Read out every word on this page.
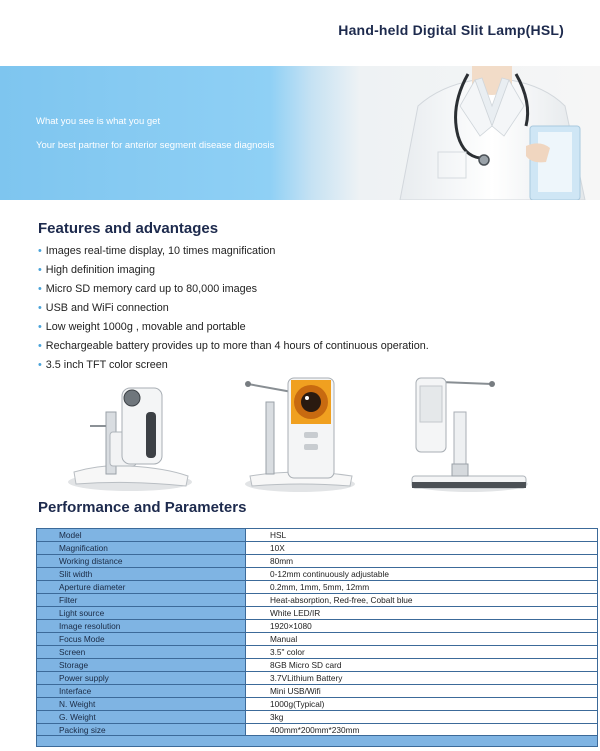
Hand-held Digital Slit Lamp(HSL)
What you see is what you get
Your best partner for anterior segment disease diagnosis
Features and advantages
• Images real-time display, 10 times magnification
• High definition imaging
• Micro SD memory card up to 80,000 images
• USB and WiFi connection
• Low weight 1000g , movable and portable
• Rechargeable battery provides up to more than 4 hours of continuous operation.
• 3.5 inch TFT color screen
Performance and Parameters
Model	HSL
Magnification	10X
Working distance	80mm
Slit width	0-12mm continuously adjustable
Aperture diameter	0.2mm, 1mm, 5mm, 12mm
Filter	Heat-absorption, Red-free, Cobalt blue
Light source	White LED/IR
Image resolution	1920×1080
Focus Mode	Manual
Screen	3.5" color
Storage	8GB Micro SD card
Power supply	3.7VLithium Battery
Interface	Mini USB/Wifi
N. Weight	1000g(Typical)
G. Weight	3kg
Packing size	400mm*200mm*230mm
